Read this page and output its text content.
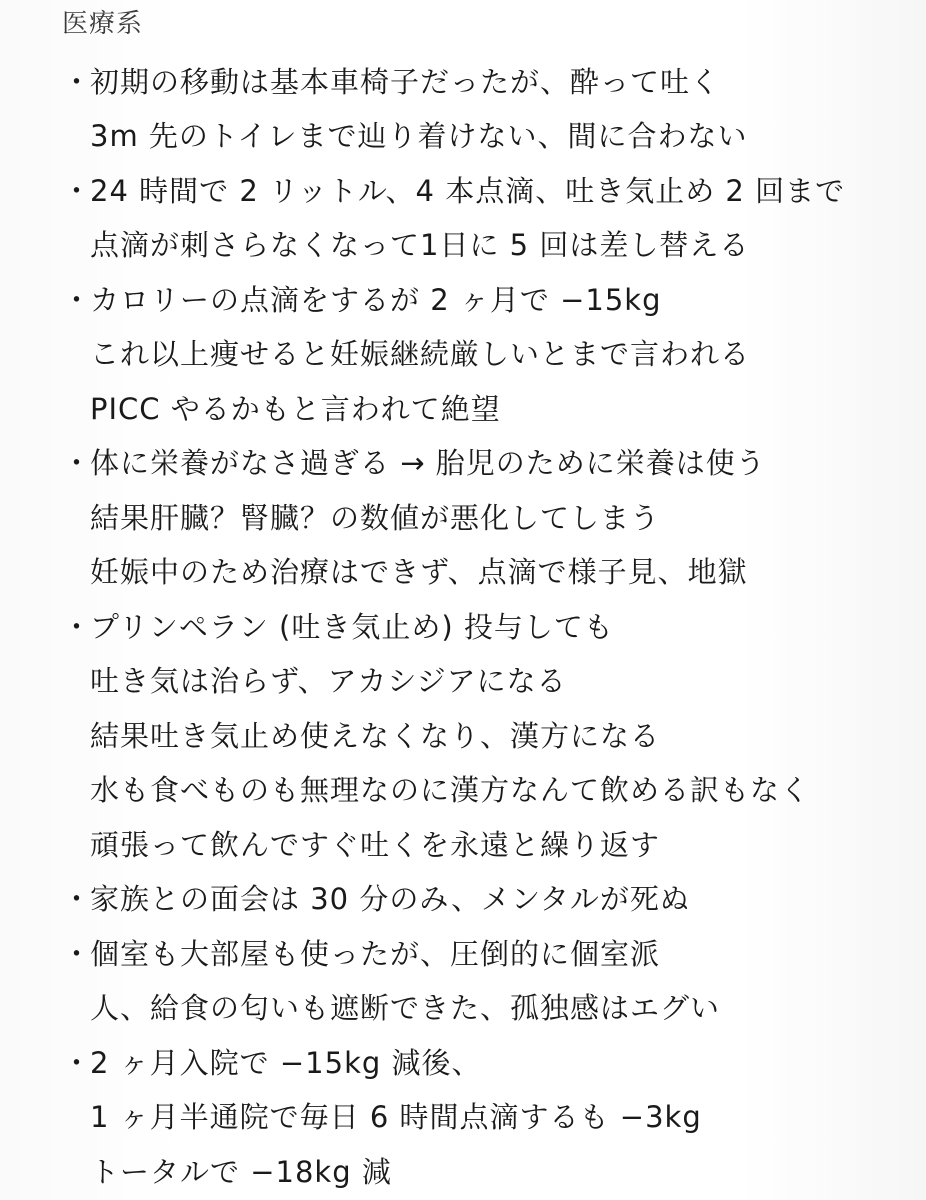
医療系
・
初期の移動は基本車椅子だったが、酔って吐く
3m 先のトイレまで辿り着けない、間に合わない
・
24 時間で 2 リットル、4 本点滴、吐き気止め 2 回まで
点滴が刺さらなくなって1日に 5 回は差し替える
・
カロリーの点滴をするが 2 ヶ月で −15kg
これ以上痩せると妊娠継続厳しいとまで言われる
PICC やるかもと言われて絶望
・
体に栄養がなさ過ぎる → 胎児のために栄養は使う
結果肝臓？腎臓？の数値が悪化してしまう
妊娠中のため治療はできず、点滴で様子見、地獄
・
プリンペラン (吐き気止め) 投与しても
吐き気は治らず、アカシジアになる
結果吐き気止め使えなくなり、漢方になる
水も食べものも無理なのに漢方なんて飲める訳もなく
頑張って飲んですぐ吐くを永遠と繰り返す
・
家族との面会は 30 分のみ、メンタルが死ぬ
・
個室も大部屋も使ったが、圧倒的に個室派
人、給食の匂いも遮断できた、孤独感はエグい
・
2 ヶ月入院で −15kg 減後、
1 ヶ月半通院で毎日 6 時間点滴するも −3kg
トータルで −18kg 減
